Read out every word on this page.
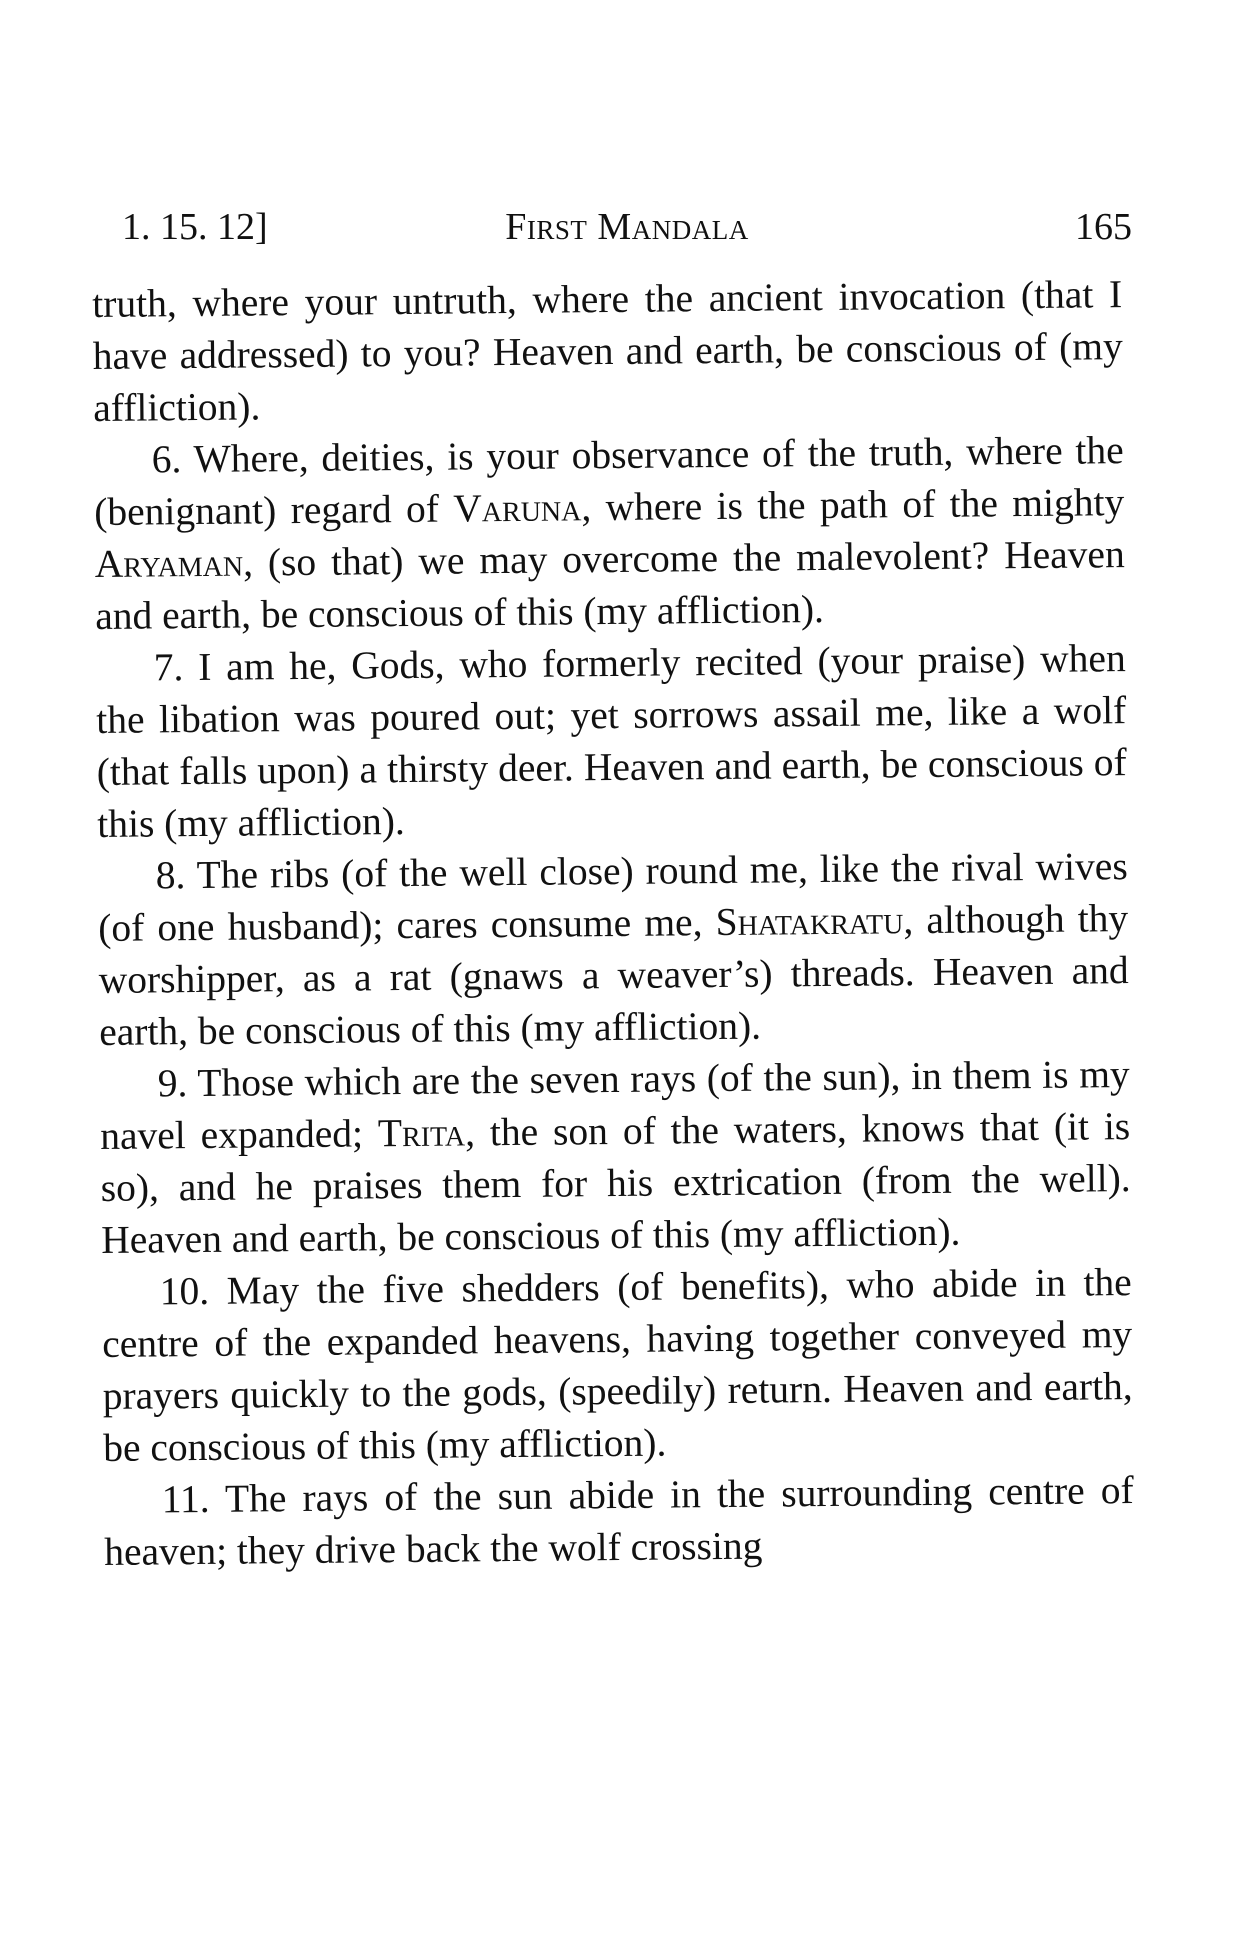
1. 15. 12]	First Mandala	165

truth, where your untruth, where the ancient invocation (that I have addressed) to you? Heaven and earth, be conscious of (my affliction).

6. Where, deities, is your observance of the truth, where the (benignant) regard of Varuna, where is the path of the mighty Aryaman, (so that) we may overcome the malevolent? Heaven and earth, be conscious of this (my affliction).

7. I am he, Gods, who formerly recited (your praise) when the libation was poured out; yet sorrows assail me, like a wolf (that falls upon) a thirsty deer. Heaven and earth, be conscious of this (my affliction).

8. The ribs (of the well close) round me, like the rival wives (of one husband); cares consume me, Shatakratu, although thy worshipper, as a rat (gnaws a weaver’s) threads. Heaven and earth, be conscious of this (my affliction).

9. Those which are the seven rays (of the sun), in them is my navel expanded; Trita, the son of the waters, knows that (it is so), and he praises them for his extrication (from the well). Heaven and earth, be conscious of this (my affliction).

10. May the five shedders (of benefits), who abide in the centre of the expanded heavens, having together conveyed my prayers quickly to the gods, (speedily) return. Heaven and earth, be conscious of this (my affliction).

11. The rays of the sun abide in the surrounding centre of heaven; they drive back the wolf crossing
